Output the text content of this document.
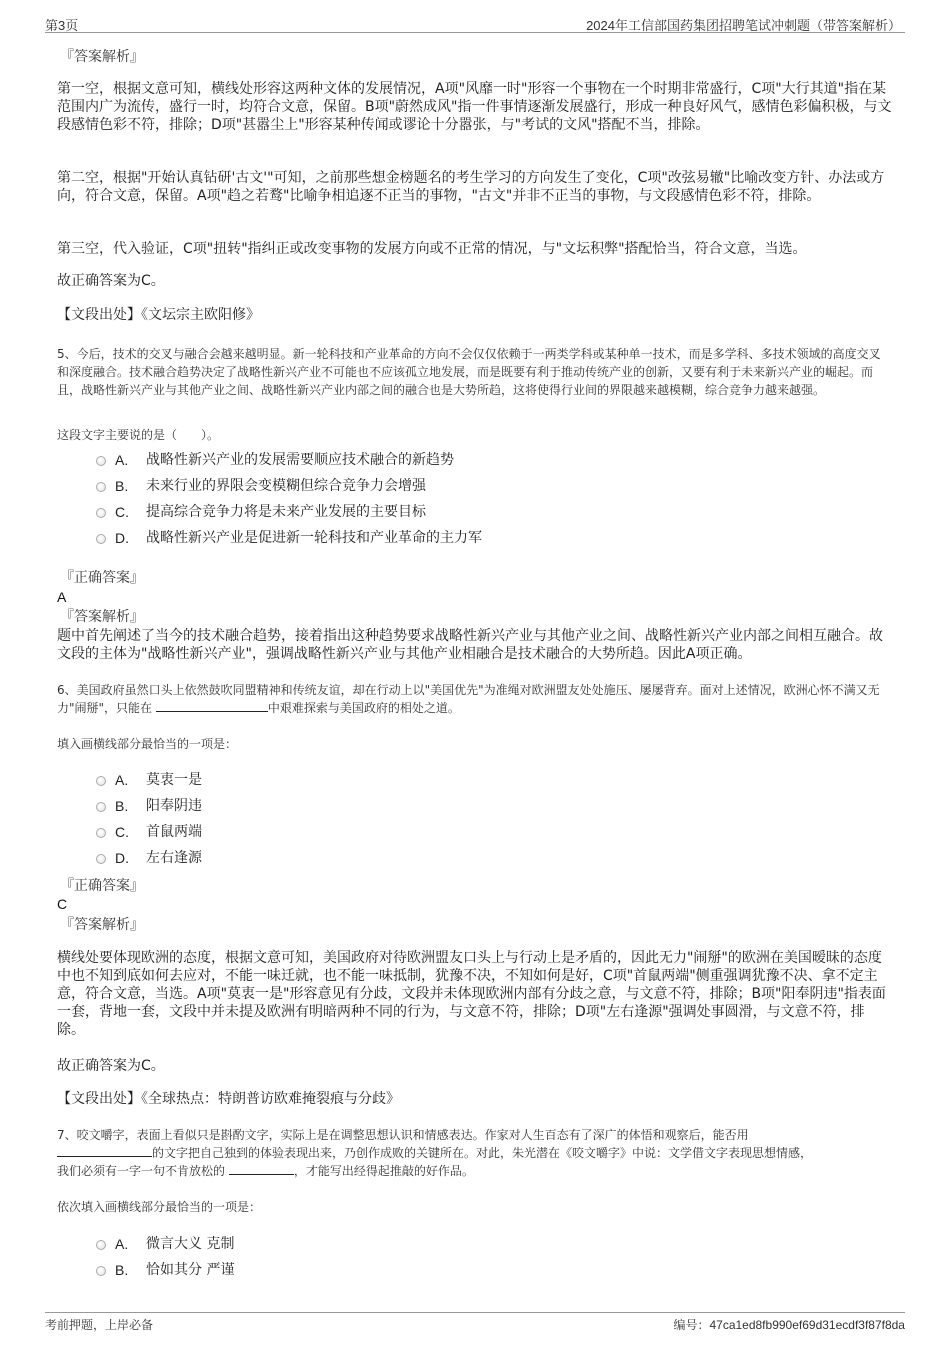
第3页	2024年工信部国药集团招聘笔试冲刺题（带答案解析）
『答案解析』

第一空，根据文意可知，横线处形容这两种文体的发展情况，A项"风靡一时"形容一个事物在一个时期非常盛行，C项"大行其道"指在某范围内广为流传，盛行一时，均符合文意，保留。B项"蔚然成风"指一件事情逐渐发展盛行，形成一种良好风气，感情色彩偏积极，与文段感情色彩不符，排除；D项"甚嚣尘上"形容某种传闻或谬论十分嚣张，与"考试的文风"搭配不当，排除。

第二空，根据"开始认真钻研'古文'"可知，之前那些想金榜题名的考生学习的方向发生了变化，C项"改弦易辙"比喻改变方针、办法或方向，符合文意，保留。A项"趋之若鹜"比喻争相追逐不正当的事物，"古文"并非不正当的事物，与文段感情色彩不符，排除。

第三空，代入验证，C项"扭转"指纠正或改变事物的发展方向或不正常的情况，与"文坛积弊"搭配恰当，符合文意，当选。

故正确答案为C。

【文段出处】《文坛宗主欧阳修》

5、今后，技术的交叉与融合会越来越明显。新一轮科技和产业革命的方向不会仅仅依赖于一两类学科或某种单一技术，而是多学科、多技术领域的高度交叉和深度融合。技术融合趋势决定了战略性新兴产业不可能也不应该孤立地发展，而是既要有利于推动传统产业的创新，又要有利于未来新兴产业的崛起。而且，战略性新兴产业与其他产业之间、战略性新兴产业内部之间的融合也是大势所趋，这将使得行业间的界限越来越模糊，综合竞争力越来越强。

这段文字主要说的是（　　）。

A. 战略性新兴产业的发展需要顺应技术融合的新趋势
B. 未来行业的界限会变模糊但综合竞争力会增强
C. 提高综合竞争力将是未来产业发展的主要目标
D. 战略性新兴产业是促进新一轮科技和产业革命的主力军
『正确答案』
A
『答案解析』

题中首先阐述了当今的技术融合趋势，接着指出这种趋势要求战略性新兴产业与其他产业之间、战略性新兴产业内部之间相互融合。故文段的主体为"战略性新兴产业"，强调战略性新兴产业与其他产业相融合是技术融合的大势所趋。因此A项正确。

6、美国政府虽然口头上依然鼓吹同盟精神和传统友谊，却在行动上以"美国优先"为准绳对欧洲盟友处处施压、屡屡背弃。面对上述情况，欧洲心怀不满又无力"闹掰"，只能在	中艰难探索与美国政府的相处之道。

填入画横线部分最恰当的一项是：

A. 莫衷一是
B. 阳奉阴违
C. 首鼠两端
D. 左右逢源
『正确答案』
C
『答案解析』

横线处要体现欧洲的态度，根据文意可知，美国政府对待欧洲盟友口头上与行动上是矛盾的，因此无力"闹掰"的欧洲在美国暧昧的态度中也不知到底如何去应对，不能一味迁就，也不能一味抵制，犹豫不决，不知如何是好，C项"首鼠两端"侧重强调犹豫不决、拿不定主意，符合文意，当选。A项"莫衷一是"形容意见有分歧，文段并未体现欧洲内部有分歧之意，与文意不符，排除；B项"阳奉阴违"指表面一套，背地一套，文段中并未提及欧洲有明暗两种不同的行为，与文意不符，排除；D项"左右逢源"强调处事圆滑，与文意不符，排除。

故正确答案为C。

【文段出处】《全球热点：特朗普访欧难掩裂痕与分歧》

7、咬文嚼字，表面上看似只是斟酌文字，实际上是在调整思想认识和情感表达。作家对人生百态有了深广的体悟和观察后，能否用
的文字把自己独到的体验表现出来，乃创作成败的关键所在。对此，朱光潜在《咬文嚼字》中说：文学借文字表现思想情感，
我们必须有一字一句不肯放松的	，才能写出经得起推敲的好作品。

依次填入画横线部分最恰当的一项是：

A. 微言大义 克制
B. 恰如其分 严谨
考前押题，上岸必备	编号：47ca1ed8fb990ef69d31ecdf3f87f8da
